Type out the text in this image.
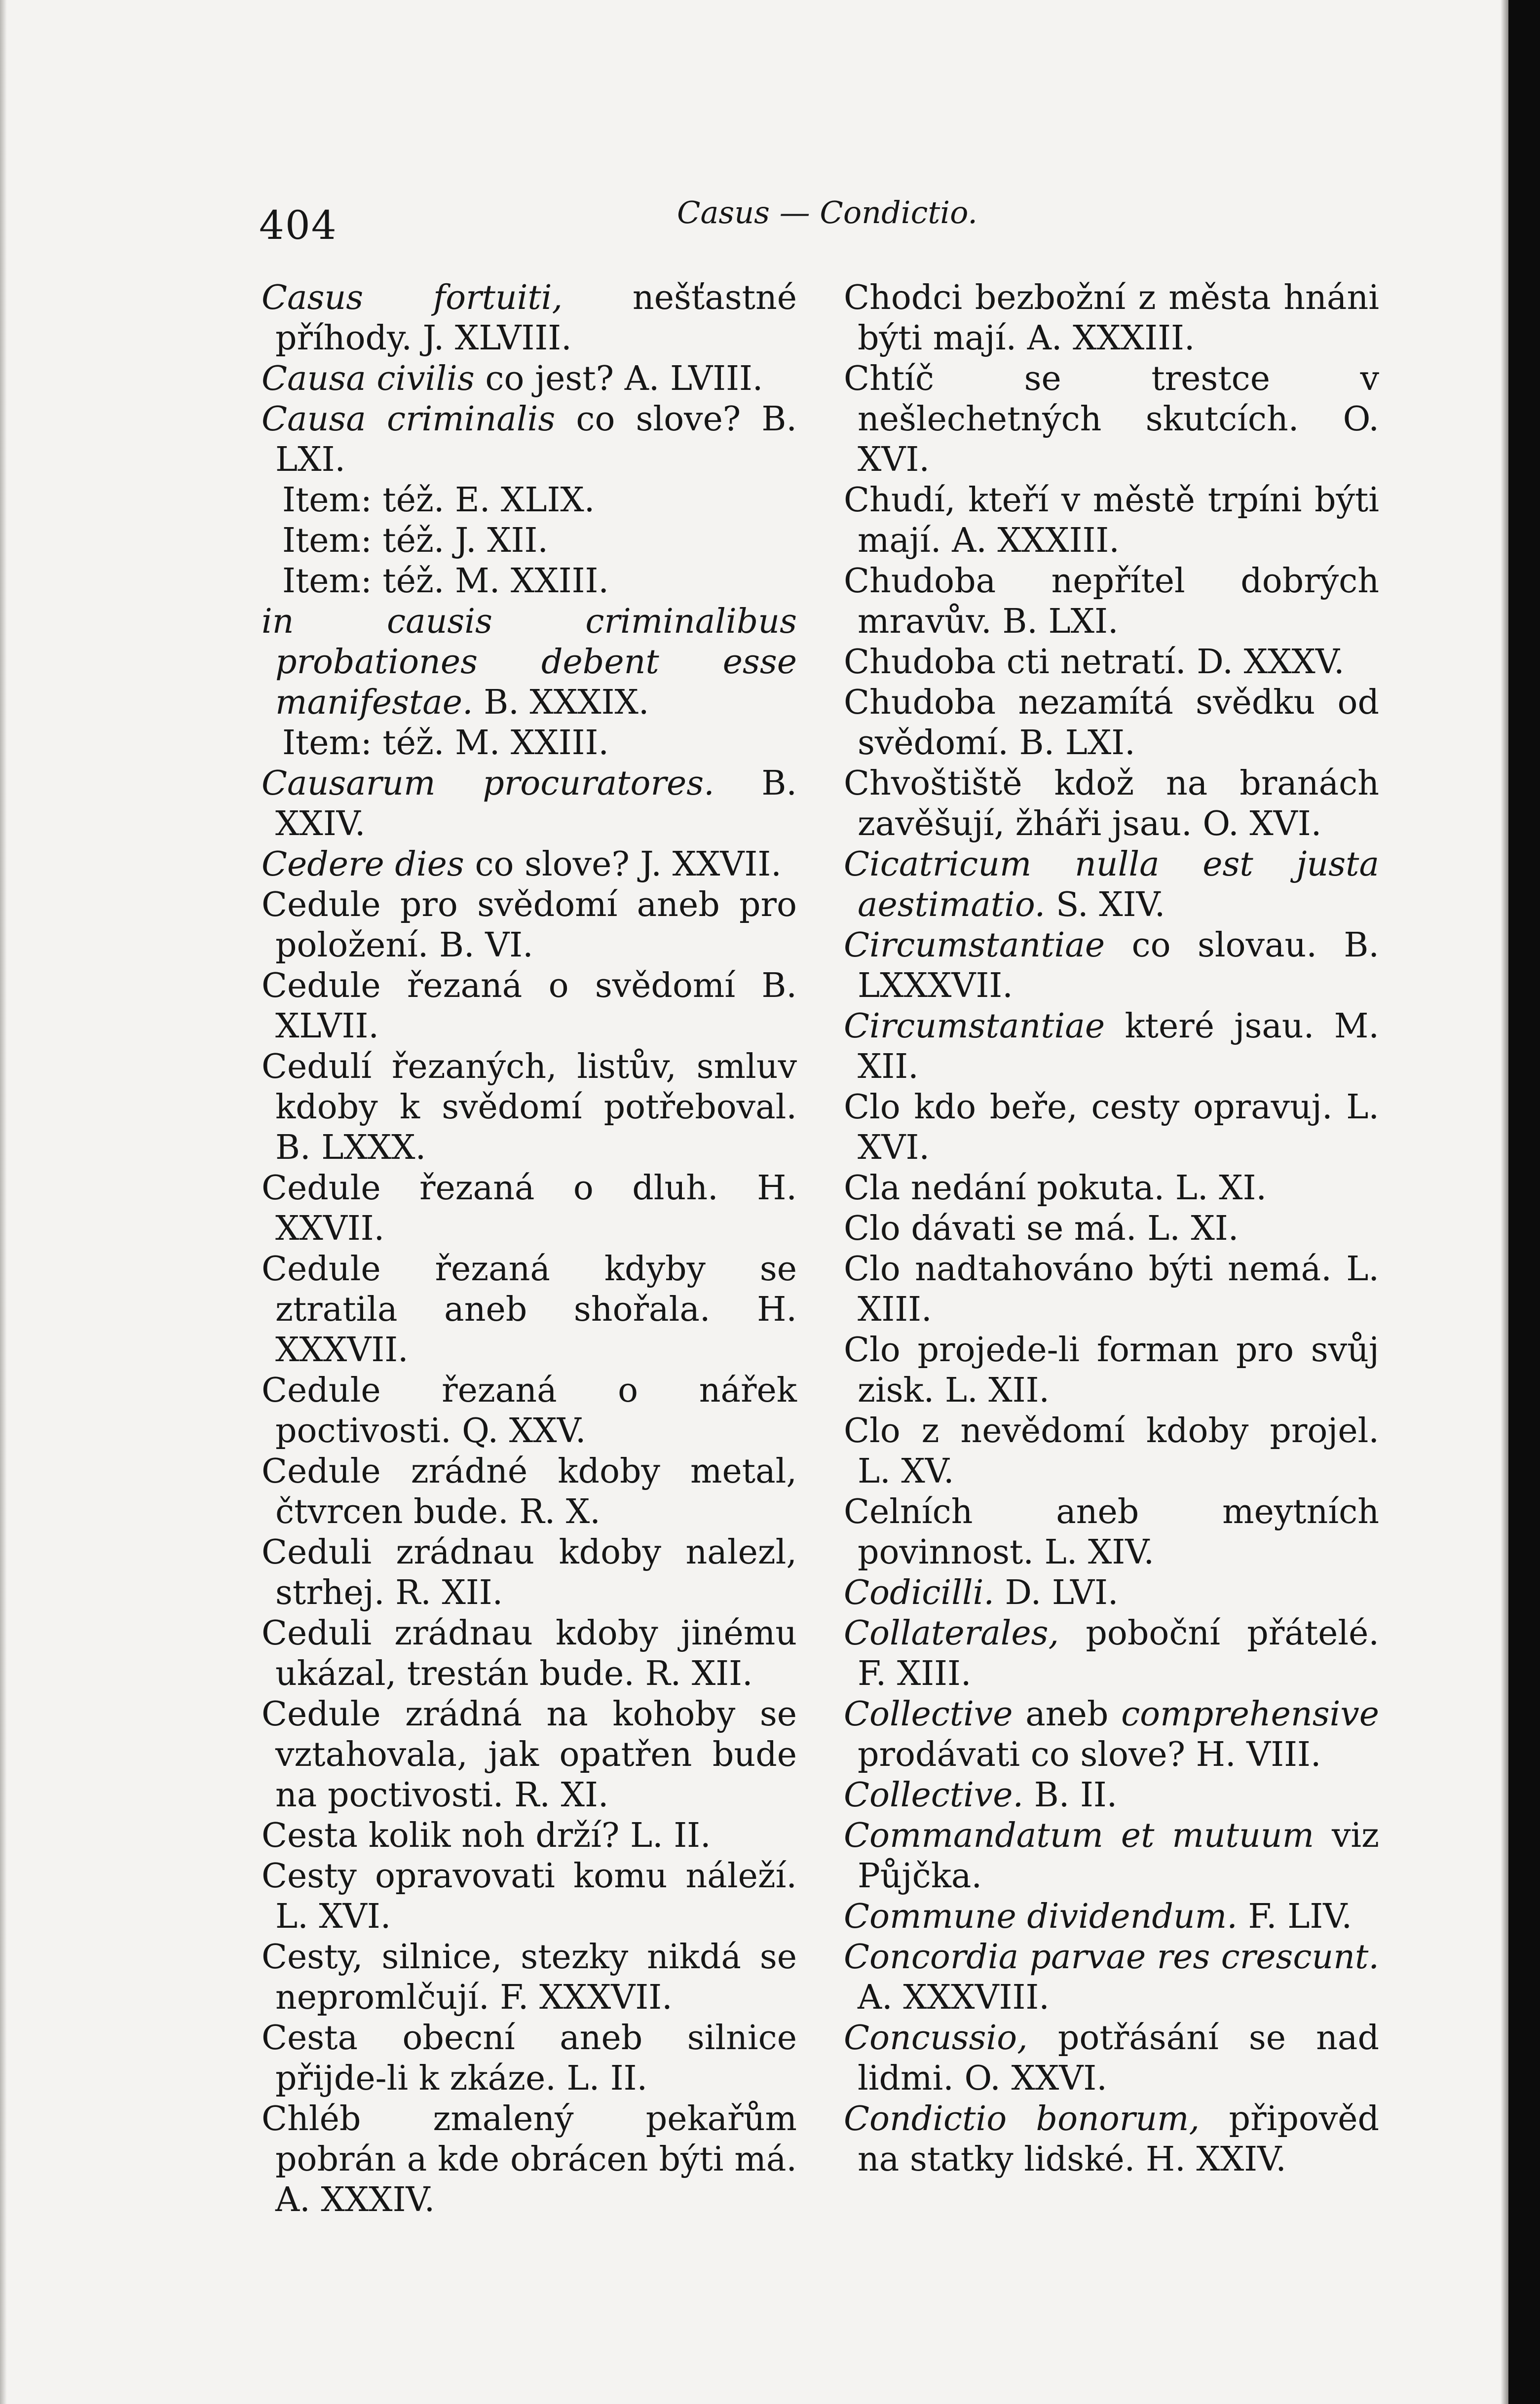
404	Casus — Condictio.

Casus fortuiti, nešťastné příhody. J. XLVIII.

Causa civilis co jest? A. LVIII.

Causa criminalis co slove? B. LXI.

Item: též. E. XLIX.

Item: též. J. XII.

Item: též. M. XXIII.

in causis criminalibus probationes debent esse manifestae. B. XXXIX.

Item: též. M. XXIII.

Causarum procuratores. B. XXIV.

Cedere dies co slove? J. XXVII.

Cedule pro svědomí aneb pro položení. B. VI.

Cedule řezaná o svědomí B. XLVII.

Cedulí řezaných, listův, smluv kdoby k svědomí potřeboval. B. LXXX.

Cedule řezaná o dluh. H. XXVII.

Cedule řezaná kdyby se ztratila aneb shořala. H. XXXVII.

Cedule řezaná o nářek poctivosti. Q. XXV.

Cedule zrádné kdoby metal, čtvrcen bude. R. X.

Ceduli zrádnau kdoby nalezl, strhej. R. XII.

Ceduli zrádnau kdoby jinému ukázal, trestán bude. R. XII.

Cedule zrádná na kohoby se vztahovala, jak opatřen bude na poctivosti. R. XI.

Cesta kolik noh drží? L. II.

Cesty opravovati komu náleží. L. XVI.

Cesty, silnice, stezky nikdá se nepromlčují. F. XXXVII.

Cesta obecní aneb silnice přijde-li k zkáze. L. II.

Chléb zmalený pekařům pobrán a kde obrácen býti má. A. XXXIV.

Chodci bezbožní z města hnáni býti mají. A. XXXIII.

Chtíč se trestce v nešlechetných skutcích. O. XVI.

Chudí, kteří v městě trpíni býti mají. A. XXXIII.

Chudoba nepřítel dobrých mravův. B. LXI.

Chudoba cti netratí. D. XXXV.

Chudoba nezamítá svědku od svědomí. B. LXI.

Chvoštiště kdož na branách zavěšují, žháři jsau. O. XVI.

Cicatricum nulla est justa aestimatio. S. XIV.

Circumstantiae co slovau. B. LXXXVII.

Circumstantiae které jsau. M. XII.

Clo kdo beře, cesty opravuj. L. XVI.

Cla nedání pokuta. L. XI.

Clo dávati se má. L. XI.

Clo nadtahováno býti nemá. L. XIII.

Clo projede-li forman pro svůj zisk. L. XII.

Clo z nevědomí kdoby projel. L. XV.

Celních aneb meytních povinnost. L. XIV.

Codicilli. D. LVI.

Collaterales, poboční přátelé. F. XIII.

Collective aneb comprehensive prodávati co slove? H. VIII.

Collective. B. II.

Commandatum et mutuum viz Půjčka.

Commune dividendum. F. LIV.

Concordia parvae res crescunt. A. XXXVIII.

Concussio, potřásání se nad lidmi. O. XXVI.

Condictio bonorum, připověd na statky lidské. H. XXIV.
